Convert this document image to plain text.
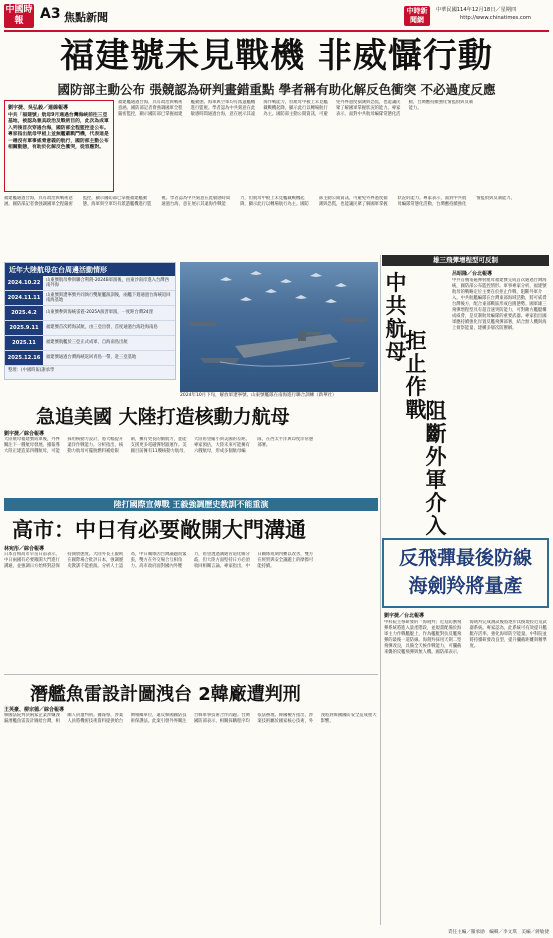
中國時報	A3 焦點新聞	中時新聞網
中華民國114年12月18日／星期四
http://www.chinatimes.com
福建號未見戰機 非威懾行動
國防部主動公布 張競認為研判畫錯重點 學者稱有助化解反色衝突 不必過度反應
劉宇捷、吳弘毅／連線報導
中共「福建號」航母9月通過台灣海峽前往三亞基地，被認為兼具政治及戰術目的，此次為成軍入列後首次穿過台海，國防部全程監控並公布。專家指出航母甲板上並無艦載戰鬥機，代表這是一趟沒有軍事威脅意義的航行，國防部主動公布相關動態，有助於化解反色衝突，從容應對。
福建艦通過台海，具有政治與戰術意涵。國防部記者會強調國軍全程嚴密監控，顯示國防部已掌握福建艦動態。海軍與空軍均有派遣艦機進行監視。學者認為中共刻意在此敏感時間通過台海，意在展示其遠海作戰能力，但航母甲板上未見艦載戰機起降，顯示此行以轉場航行為主。國防部主動公開資訊，可避免外界過度揣測與恐慌，也能讓民眾了解國軍掌握狀況的能力。專家表示，面對中共航母編隊常態化活動，台灣應持續強化情監偵與反制能力。
福建艦通過台海，具有政治與戰術意涵。國防部記者會強調國軍全程嚴密監控，顯示國防部已掌握福建艦動態。海軍與空軍均有派遣艦機進行監視。學者認為中共刻意在此敏感時間通過台海，意在展示其遠海作戰能力，但航母甲板上未見艦載戰機起降，顯示此行以轉場航行為主。國防部主動公開資訊，可避免外界過度揣測與恐慌，也能讓民眾了解國軍掌握狀況的能力。專家表示，面對中共航母編隊常態化活動，台灣應持續強化情監偵與反制能力。
近年大陸航母在台周邊活動情形
2024.10.22	山東號航母參與聯合利劍-2024B軍演後，由東沙南岸進入台灣西南外海
2024.11.11	山東號與遼寧號共同執行雙航艦演訓後，兩艦下週通過台海峽返回南海基地
2025.4.2	山東號參與海峽雷霆-2025A演習軍演，一度距台灣24浬
2025.9.11	福建號首次跨海試航，由三亞出發，首度通過台海赴海南島
2025.11	福建號航艦於三亞正式成軍，自海南島出航
2025.12.16	福建號通過台灣海峽返回青島一帶，赴三亞基地
整理：(中國時報)謝承學
2024年10月下旬，解放軍遼寧號、山東號艦隊在南海進行聯合訓練（新華社）
雄三飛彈增程型可反制
中共航母 拒止作戰 阻斷外軍介入
呂昭隆／台北報導
中共首艘電磁彈射航母福建號完成首次通過台灣海峽，國防部公布監控情形。軍事專家分析，福建號航母的戰略定位主要在於拒止作戰，阻斷外軍介入。中共航艦編隊在台灣東部海域活動，將可威脅台灣後方，配合東部戰區形成包圍態勢。國軍雄三飛彈增程型具有超音速突防能力，可對敵方艦艇構成威脅，是反制航母編隊的重要武器。專家指出國軍應持續強化岸置反艦飛彈部署，結合無人機與海上偵察能量，建構多層次防禦網。
急追美國 大陸打造核動力航母
劉宇捷／綜合報導
大陸航母福建號成軍後，外界關注下一艘航母發展。據報導大陸正建造第四艘航母，可能採用核動力設計，將大幅提升遠洋作戰能力。分析指出，核動力航母可擺脫燃料補給限制，擁有更長的續航力，並能支援更多電磁彈射器運作。美國目前擁有11艘核動力航母，大陸希望縮小與美國的差距。專家預估，大陸未來可能擁有六艘航母，形成多個航母編隊，在西太平洋與印度洋常態部署。
陸打國際宣傳戰 王毅強調歷史教訓不能重演
高市：中日有必要敞開大門溝通
林宛彤／綜合報導
日本首相高市早苗日前表示，中日兩國有必要敞開大門進行溝通，並強調日方始終對話保持開放態度。大陸外長王毅則在國際場合批評日本，強調歷史教訓不能重演。分析人士認為，中日關係因台灣議題而緊張，雙方在外交場合互相角力。高市政府面對國內外壓力，希望透過溝通管道化解分歧，但大陸方面堅持日方必須收回相關言論。專家指出，中日關係短期內難以改善，雙方在經貿與安全議題上的摩擦可能持續。
潛艦魚雷設計圖洩台 2韓廠遭判刑
王英豪、柳宗德／綜合報導
韓國法院判決兩家企業涉嫌洩漏潛艦魚雷設計圖給台灣，相關人員遭判刑。據報導，涉案人員將機密技術資料提供給台灣相關單位，違反韓國國防技術保護法。此案引發外界關注台韓軍事技術合作問題。台灣國防部表示，相關採購程序均依法辦理。韓國檢方指出，涉案技術屬於國家核心技術，外洩將對韓國國防安全造成重大影響。
反飛彈最後防線
海劍羚將量產
劉宇捷／台北報導
中科院主導研發的「海劍羚」近迫防禦飛彈系統將進入量產階段，並規畫配備於海軍主力作戰艦艇上，作為艦艇對抗反艦飛彈的最後一道防線。海劍羚採用天劍二型飛彈改良，具備全天候作戰能力，可攔截來襲的反艦飛彈與無人機。國防部表示，海劍羚完成測試後將逐步汰換現役近迫武器系統。專家認為，此系統可有效提升艦艇存活率，強化海軍防空能量。中科院並將持續研發改良型，提升攔截距離與精準度。
責任主編／羅承勛　編輯／李文琪　美編／蔣敏捷
